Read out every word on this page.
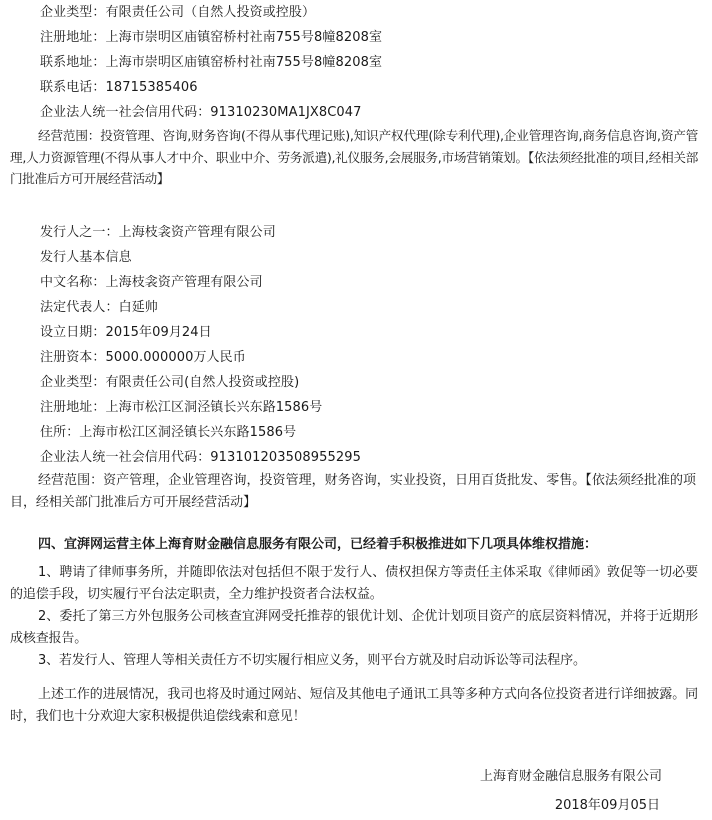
企业类型：有限责任公司（自然人投资或控股）
注册地址：上海市崇明区庙镇窑桥村社南755号8幢8208室
联系地址：上海市崇明区庙镇窑桥村社南755号8幢8208室
联系电话：18715385406
企业法人统一社会信用代码：91310230MA1JX8C047

经营范围：投资管理、咨询,财务咨询(不得从事代理记账),知识产权代理(除专利代理),企业管理咨询,商务信息咨询,资产管理,人力资源管理(不得从事人才中介、职业中介、劳务派遣),礼仪服务,会展服务,市场营销策划。【依法须经批准的项目,经相关部门批准后方可开展经营活动】

发行人之一：上海枝衾资产管理有限公司
发行人基本信息
中文名称：上海枝衾资产管理有限公司
法定代表人：白延帅
设立日期：2015年09月24日
注册资本：5000.000000万人民币
企业类型：有限责任公司(自然人投资或控股)
注册地址：上海市松江区洞泾镇长兴东路1586号
住所：上海市松江区洞泾镇长兴东路1586号
企业法人统一社会信用代码：913101203508955295

经营范围：资产管理，企业管理咨询，投资管理，财务咨询，实业投资，日用百货批发、零售。【依法须经批准的项目，经相关部门批准后方可开展经营活动】

四、宜湃网运营主体上海育财金融信息服务有限公司，已经着手积极推进如下几项具体维权措施：

1、聘请了律师事务所，并随即依法对包括但不限于发行人、债权担保方等责任主体采取《律师函》敦促等一切必要的追偿手段，切实履行平台法定职责，全力维护投资者合法权益。

2、委托了第三方外包服务公司核查宜湃网受托推荐的银优计划、企优计划项目资产的底层资料情况，并将于近期形成核查报告。

3、若发行人、管理人等相关责任方不切实履行相应义务，则平台方就及时启动诉讼等司法程序。

上述工作的进展情况，我司也将及时通过网站、短信及其他电子通讯工具等多种方式向各位投资者进行详细披露。同时，我们也十分欢迎大家积极提供追偿线索和意见！

上海育财金融信息服务有限公司
2018年09月05日
